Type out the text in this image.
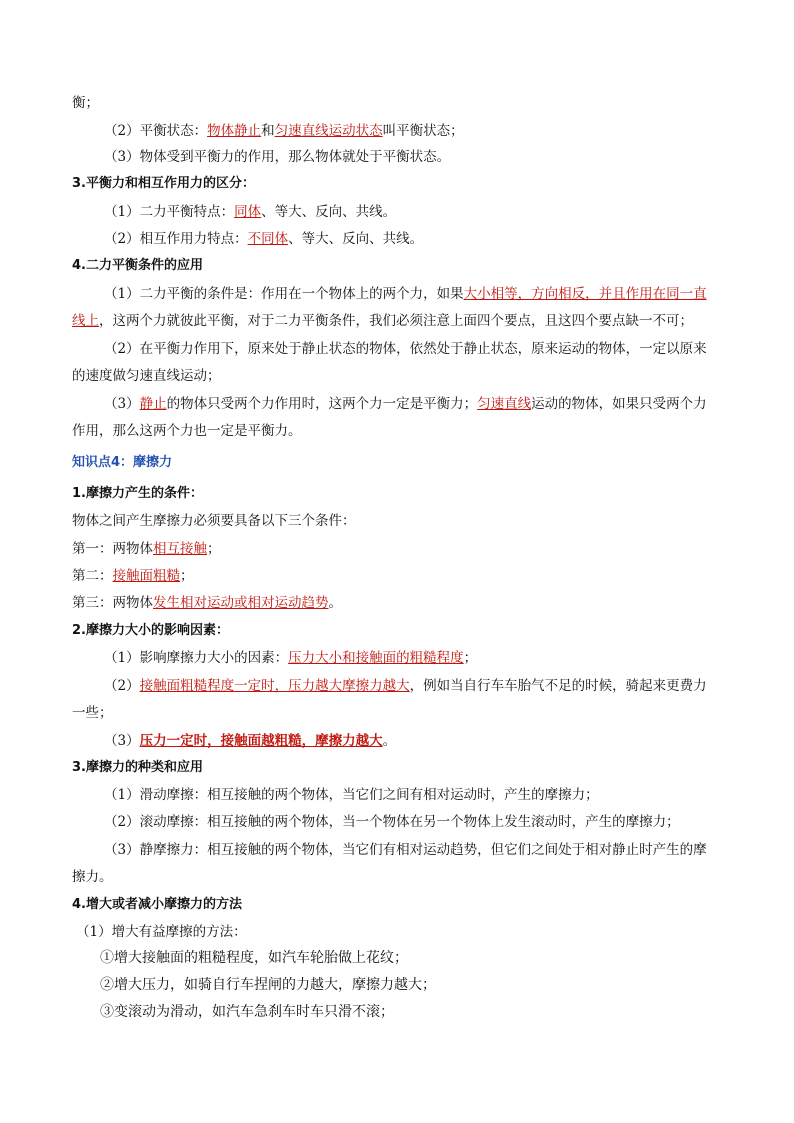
衡；
（2）平衡状态：物体静止和匀速直线运动状态叫平衡状态；
（3）物体受到平衡力的作用，那么物体就处于平衡状态。
3.平衡力和相互作用力的区分：
（1）二力平衡特点：同体、等大、反向、共线。
（2）相互作用力特点：不同体、等大、反向、共线。
4.二力平衡条件的应用
（1）二力平衡的条件是：作用在一个物体上的两个力，如果大小相等，方向相反，并且作用在同一直
线上，这两个力就彼此平衡，对于二力平衡条件，我们必须注意上面四个要点，且这四个要点缺一不可；
（2）在平衡力作用下，原来处于静止状态的物体，依然处于静止状态，原来运动的物体，一定以原来
的速度做匀速直线运动；
（3）静止的物体只受两个力作用时，这两个力一定是平衡力；匀速直线运动的物体，如果只受两个力
作用，那么这两个力也一定是平衡力。
知识点4：摩擦力
1.摩擦力产生的条件：
物体之间产生摩擦力必须要具备以下三个条件：
第一：两物体相互接触；
第二：接触面粗糙；
第三：两物体发生相对运动或相对运动趋势。
2.摩擦力大小的影响因素：
（1）影响摩擦力大小的因素：压力大小和接触面的粗糙程度；
（2）接触面粗糙程度一定时，压力越大摩擦力越大，例如当自行车车胎气不足的时候，骑起来更费力
一些；
（3）压力一定时，接触面越粗糙，摩擦力越大。
3.摩擦力的种类和应用
（1）滑动摩擦：相互接触的两个物体，当它们之间有相对运动时，产生的摩擦力；
（2）滚动摩擦：相互接触的两个物体，当一个物体在另一个物体上发生滚动时，产生的摩擦力；
（3）静摩擦力：相互接触的两个物体，当它们有相对运动趋势，但它们之间处于相对静止时产生的摩
擦力。
4.增大或者减小摩擦力的方法
（1）增大有益摩擦的方法：
①增大接触面的粗糙程度，如汽车轮胎做上花纹；
②增大压力，如骑自行车捏闸的力越大，摩擦力越大；
③变滚动为滑动，如汽车急刹车时车只滑不滚；
